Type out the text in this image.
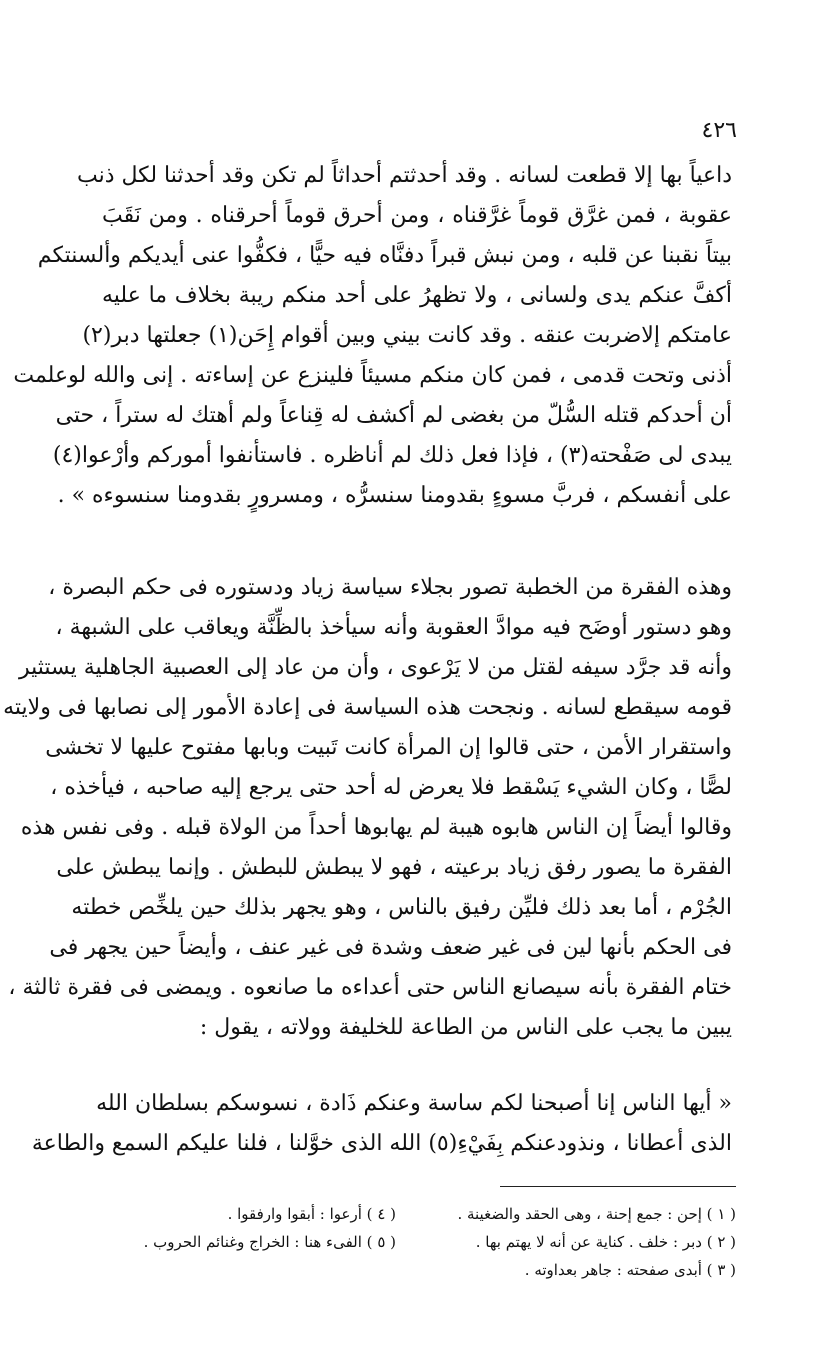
٤٢٦
داعياً بها إلا قطعت لسانه . وقد أحدثتم أحداثاً لم تكن وقد أحدثنا لكل ذنب
عقوبة ، فمن غرَّق قوماً غرَّقناه ، ومن أحرق قوماً أحرقناه . ومن نَقَبَ
بيتاً نقبنا عن قلبه ، ومن نبش قبراً دفنَّاه فيه حيًّا ، فكفُّوا عنى أيديكم وألسنتكم
أكفَّ عنكم يدى ولسانى ، ولا تظهرُ على أحد منكم ريبة بخلاف ما عليه
عامتكم إلاضربت عنقه . وقد كانت بيني وبين أقوام إِحَن(١) جعلتها دبر(٢)
أذنى وتحت قدمى ، فمن كان منكم مسيئاً فلينزع عن إساءته . إنى والله لوعلمت
أن أحدكم قتله السُّلّ من بغضى لم أكشف له قِناعاً ولم أهتك له ستراً ، حتى
يبدى لى صَفْحته(٣) ، فإذا فعل ذلك لم أناظره . فاستأنفوا أموركم وأرْعوا(٤)
على أنفسكم ، فربَّ مسوءٍ بقدومنا سنسرُّه ، ومسرورٍ بقدومنا سنسوءه » .
وهذه الفقرة من الخطبة تصور بجلاء سياسة زياد ودستوره فى حكم البصرة ،
وهو دستور أوضَح فيه موادَّ العقوبة وأنه سيأخذ بالظِّنَّة ويعاقب على الشبهة ،
وأنه قد جرَّد سيفه لقتل من لا يَرْعوى ، وأن من عاد إلى العصبية الجاهلية يستثير
قومه سيقطع لسانه . ونجحت هذه السياسة فى إعادة الأمور إلى نصابها فى ولايته
واستقرار الأمن ، حتى قالوا إن المرأة كانت تَبيت وبابها مفتوح عليها لا تخشى
لصًّا ، وكان الشيء يَسْقط فلا يعرض له أحد حتى يرجع إليه صاحبه ، فيأخذه ،
وقالوا أيضاً إن الناس هابوه هيبة لم يهابوها أحداً من الولاة قبله . وفى نفس هذه
الفقرة ما يصور رفق زياد برعيته ، فهو لا يبطش للبطش . وإنما يبطش على
الجُرْم ، أما بعد ذلك فليِّن رفيق بالناس ، وهو يجهر بذلك حين يلخِّص خطته
فى الحكم بأنها لين فى غير ضعف وشدة فى غير عنف ، وأيضاً حين يجهر فى
ختام الفقرة بأنه سيصانع الناس حتى أعداءه ما صانعوه . ويمضى فى فقرة ثالثة ،
يبين ما يجب على الناس من الطاعة للخليفة وولاته ، يقول :
« أيها الناس إنا أصبحنا لكم ساسة وعنكم ذَادة ، نسوسكم بسلطان الله
الذى أعطانا ، ونذودعنكم بِفَيْءِ(٥) الله الذى خوَّلنا ، فلنا عليكم السمع والطاعة
( ١ ) إحن : جمع إحنة ، وهى الحقد والضغينة .
( ٢ ) دبر : خلف . كناية عن أنه لا يهتم بها .
( ٣ ) أبدى صفحته : جاهر بعداوته .
( ٤ ) أرعوا : أبقوا وارفقوا .
( ٥ ) الفىء هنا : الخراج وغنائم الحروب .
